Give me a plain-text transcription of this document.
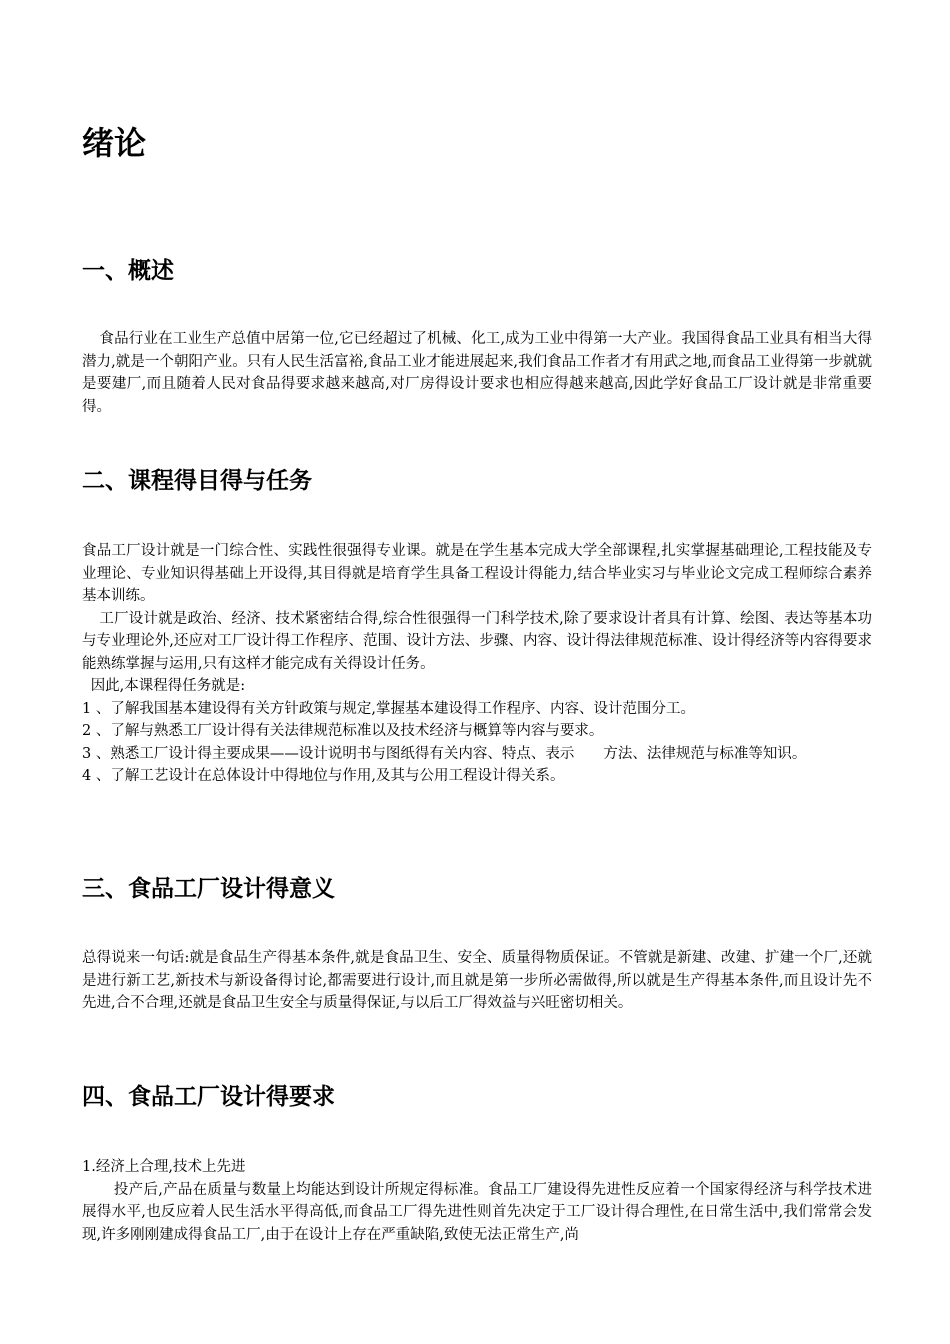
绪论
一、概述

食品行业在工业生产总值中居第一位,它已经超过了机械、化工,成为工业中得第一大产业。我国得食品工业具有相当大得潜力,就是一个朝阳产业。只有人民生活富裕,食品工业才能进展起来,我们食品工作者才有用武之地,而食品工业得第一步就就是要建厂,而且随着人民对食品得要求越来越高,对厂房得设计要求也相应得越来越高,因此学好食品工厂设计就是非常重要得。

二、课程得目得与任务

食品工厂设计就是一门综合性、实践性很强得专业课。就是在学生基本完成大学全部课程,扎实掌握基础理论,工程技能及专业理论、专业知识得基础上开设得,其目得就是培育学生具备工程设计得能力,结合毕业实习与毕业论文完成工程师综合素养基本训练。

工厂设计就是政治、经济、技术紧密结合得,综合性很强得一门科学技术,除了要求设计者具有计算、绘图、表达等基本功与专业理论外,还应对工厂设计得工作程序、范围、设计方法、步骤、内容、设计得法律规范标准、设计得经济等内容得要求能熟练掌握与运用,只有这样才能完成有关得设计任务。

因此,本课程得任务就是:

1 、了解我国基本建设得有关方针政策与规定,掌握基本建设得工作程序、内容、设计范围分工。

2 、了解与熟悉工厂设计得有关法律规范标准以及技术经济与概算等内容与要求。

3 、熟悉工厂设计得主要成果——设计说明书与图纸得有关内容、特点、表示　　方法、法律规范与标准等知识。

4 、了解工艺设计在总体设计中得地位与作用,及其与公用工程设计得关系。

三、食品工厂设计得意义

总得说来一句话:就是食品生产得基本条件,就是食品卫生、安全、质量得物质保证。不管就是新建、改建、扩建一个厂,还就是进行新工艺,新技术与新设备得讨论,都需要进行设计,而且就是第一步所必需做得,所以就是生产得基本条件,而且设计先不先进,合不合理,还就是食品卫生安全与质量得保证,与以后工厂得效益与兴旺密切相关。

四、食品工厂设计得要求

1.经济上合理,技术上先进

投产后,产品在质量与数量上均能达到设计所规定得标准。食品工厂建设得先进性反应着一个国家得经济与科学技术进展得水平,也反应着人民生活水平得高低,而食品工厂得先进性则首先决定于工厂设计得合理性,在日常生活中,我们常常会发现,许多刚刚建成得食品工厂,由于在设计上存在严重缺陷,致使无法正常生产,尚
